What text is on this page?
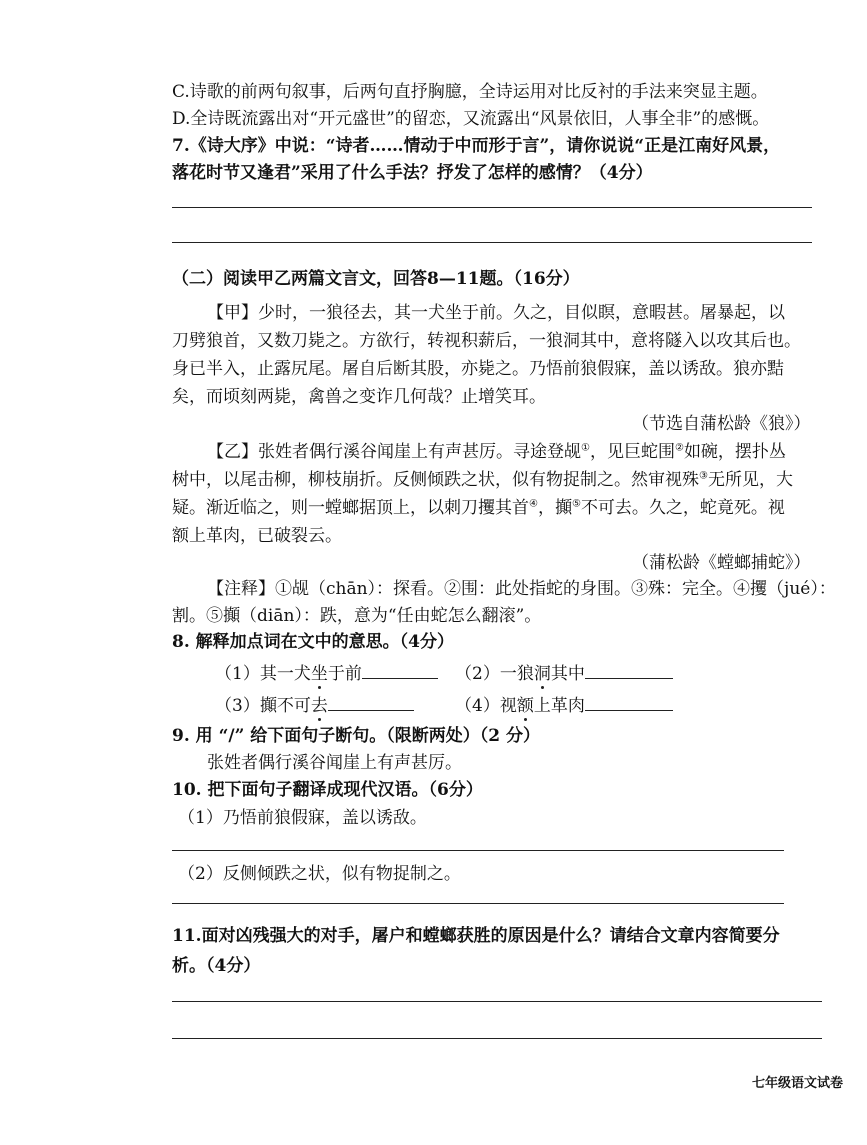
C.诗歌的前两句叙事，后两句直抒胸臆，全诗运用对比反衬的手法来突显主题。
D.全诗既流露出对“开元盛世”的留恋，又流露出“风景依旧，人事全非”的感慨。
7.《诗大序》中说：“诗者……情动于中而形于言”，请你说说“正是江南好风景，
落花时节又逢君”采用了什么手法？抒发了怎样的感情？（4分）
（二）阅读甲乙两篇文言文，回答8—11题。（16分）
【甲】少时，一狼径去，其一犬坐于前。久之，目似瞑，意暇甚。屠暴起，以
刀劈狼首，又数刀毙之。方欲行，转视积薪后，一狼洞其中，意将隧入以攻其后也。
身已半入，止露尻尾。屠自后断其股，亦毙之。乃悟前狼假寐，盖以诱敌。狼亦黠
矣，而顷刻两毙，禽兽之变诈几何哉？止增笑耳。
（节选自蒲松龄《狼》）
【乙】张姓者偶行溪谷闻崖上有声甚厉。寻途登觇①，见巨蛇围②如碗，摆扑丛
树中，以尾击柳，柳枝崩折。反侧倾跌之状，似有物捉制之。然审视殊③无所见，大
疑。渐近临之，则一螳螂据顶上，以刺刀攫其首④，攧⑤不可去。久之，蛇竟死。视
额上革肉，已破裂云。
（蒲松龄《螳螂捕蛇》）
【注释】①觇（chān）：探看。②围：此处指蛇的身围。③殊：完全。④攫（jué）：
割。⑤攧（diān）：跌，意为“任由蛇怎么翻滚”。
8. 解释加点词在文中的意思。（4分）
（1）其一犬坐于前	（2）一狼洞其中
（3）攧不可去	（4）视额上革肉
9. 用 “/” 给下面句子断句。（限断两处）（2 分）
张姓者偶行溪谷闻崖上有声甚厉。
10. 把下面句子翻译成现代汉语。（6分）
（1）乃悟前狼假寐，盖以诱敌。
（2）反侧倾跌之状，似有物捉制之。
11.面对凶残强大的对手，屠户和螳螂获胜的原因是什么？请结合文章内容简要分
析。（4分）
七年级语文试卷
